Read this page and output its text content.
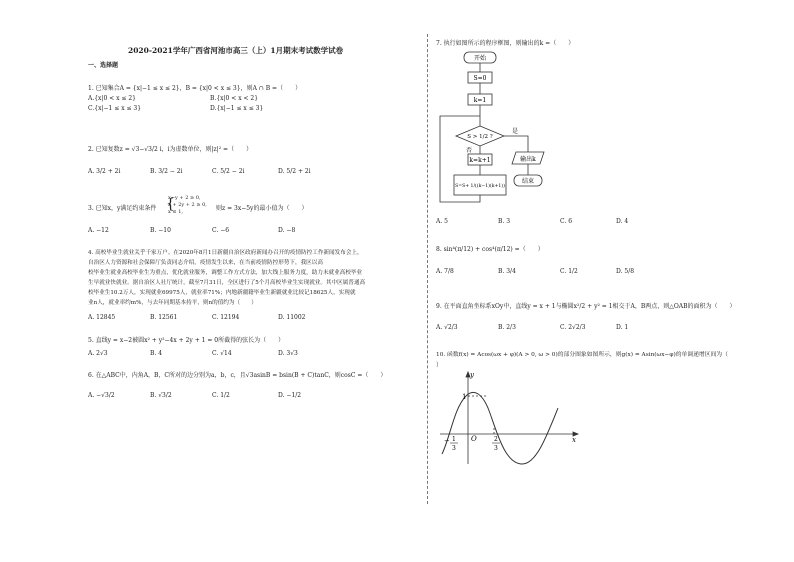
2020-2021学年广西省河池市高三（上）1月期末考试数学试卷
一、选择题
1. 已知集合A = {x|−1 ≤ x ≤ 2}，B = {x|0 < x ≤ 3}，则A ∩ B =（　　）
A.{x|0 < x ≤ 2}	B.{x|0 < x < 2}
C.{x|−1 ≤ x ≤ 3}	D.{x|−1 ≤ x ≤ 3}
2. 已知复数z = √3−√3/2 i，i为虚数单位，则|z|² =（　　）
A. 3/2 + 2i	B. 3/2 − 2i	C. 5/2 − 2i	D. 5/2 + 2i
3. 已知x，y满足约束条件
x−y + 2 ≥ 0,
x + 2y + 2 ≥ 0,
x ≤ 1,
{	则z = 3x−5y的最小值为（　　）
A. −12	B. −10	C. −6	D. −8
4. 高校毕业生就业关乎千家万户。在2020年8月1日新疆自治区政府新闻办召开的疫情防控工作新闻发布会上，
自治区人力资源和社会保障厅负责同志介绍，疫情发生以来，在当前疫情防控形势下，我区以高
校毕业生就业高校毕业生为重点，优化就业服务，调整工作方式方法，加大线上服务力度，助力未就业高校毕业
生早就业快就业。据自治区人社厅统计，截至7月31日，全区进行了5个月高校毕业生实现就业。其中区属普通高
校毕业生10.2万人，实现就业69975人，就业率71%；内地新疆籍毕业生新疆就业比较记18625人，实现就
业n人，就业率约m%，与去年同期基本持平，则n的值约为（　　）
A. 12845	B. 12561	C. 12194	D. 11002
5. 直线y = x−2被圆x² + y²−4x + 2y + 1 = 0所截得的弦长为（　　）
A. 2√3	B. 4	C. √14	D. 3√3
6. 在△ABC中，内角A，B，C所对的边分别为a，b，c，且√3asinB = bsin(B + C)tanC，则cosC =（　　）
A. −√3/2	B. √3/2	C. 1/2	D. −1/2
7. 执行如图所示的程序框图，则输出的k =（　　）
开始
S=0
k=1
S > 1/2 ?
k=k+1
S=S+ 1/((k−1)(k+1))
输出k
结束
是
否
A. 5	B. 3	C. 6	D. 4
8. sin⁴(π/12) + cos⁴(π/12) =（　　）
A. 7/8	B. 3/4	C. 1/2	D. 5/8
9. 在平面直角坐标系xOy中，直线y = x + 1与椭圆x²/2 + y² = 1相交于A，B两点，则△OAB的面积为（　　）
A. √2/3	B. 2/3	C. 2√2/3	D. 1
10. 函数f(x) = Acos(ωx + φ)(A > 0, ω > 0)的部分图象如图所示，则g(x) = Asin(ωx−φ)的单调递增区间为（
）
y
x
1
O
− 1
3
2
3
